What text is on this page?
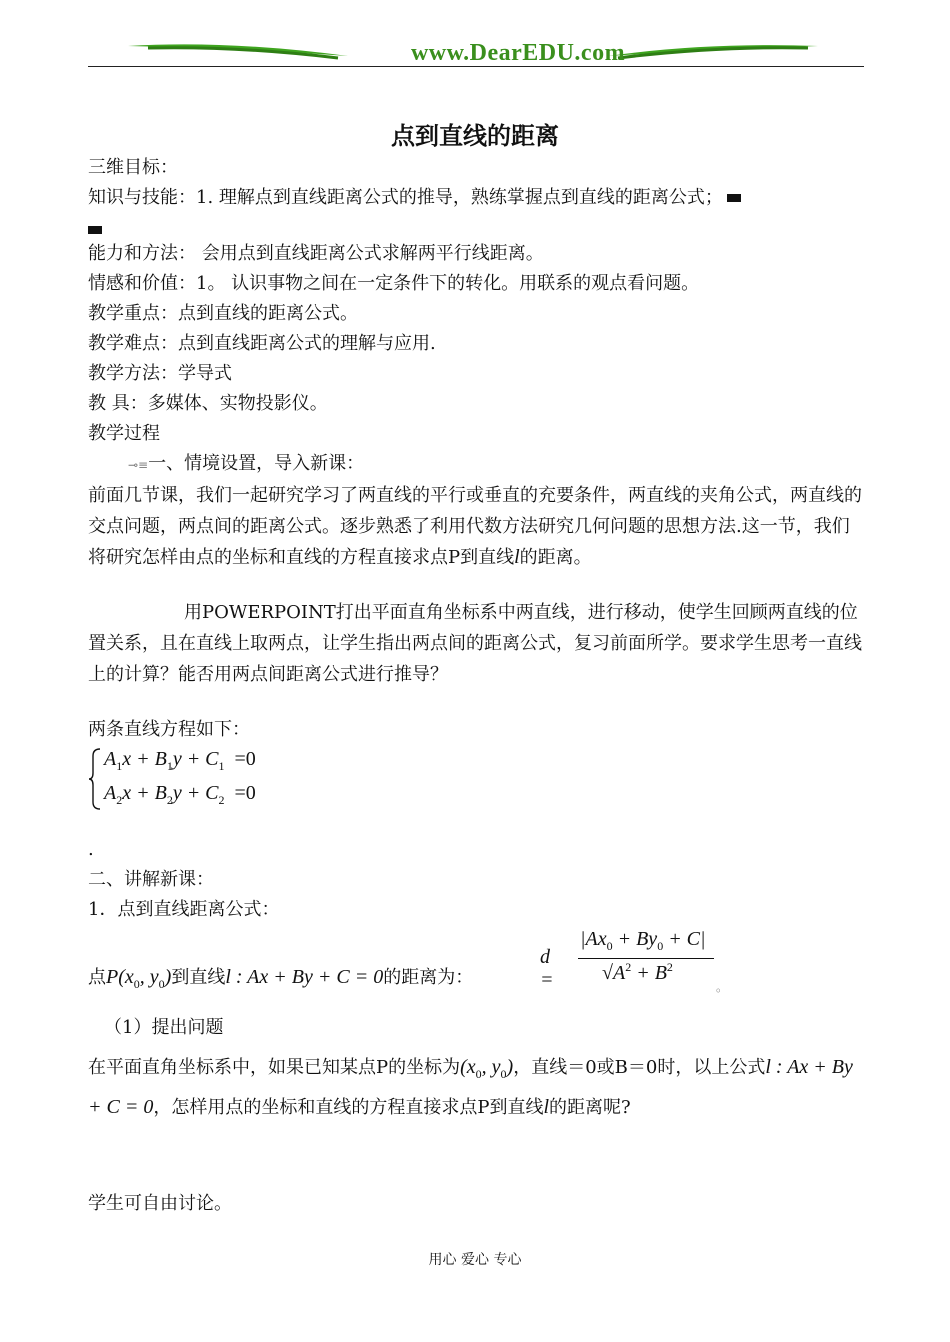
www.DearEDU.com
点到直线的距离
三维目标：
知识与技能：1. 理解点到直线距离公式的推导，熟练掌握点到直线的距离公式；
能力和方法： 会用点到直线距离公式求解两平行线距离。
情感和价值：1。 认识事物之间在一定条件下的转化。用联系的观点看问题。
教学重点：点到直线的距离公式。
教学难点：点到直线距离公式的理解与应用.
教学方法：学导式
教 具：多媒体、实物投影仪。
教学过程
⊸≡一、情境设置，导入新课：
前面几节课，我们一起研究学习了两直线的平行或垂直的充要条件，两直线的夹角公式，两直线的交点问题，两点间的距离公式。逐步熟悉了利用代数方法研究几何问题的思想方法.这一节，我们将研究怎样由点的坐标和直线的方程直接求点P到直线l的距离。
用POWERPOINT打出平面直角坐标系中两直线，进行移动，使学生回顾两直线的位置关系，且在直线上取两点，让学生指出两点间的距离公式，复习前面所学。要求学生思考一直线上的计算？能否用两点间距离公式进行推导？
两条直线方程如下：
$A_1x + B_1y + C_1 =0$
$A_2x + B_2y + C_2 =0$
.
二、讲解新课：
1．点到直线距离公式：
点$P(x_0$, $y_0$)到直线l : Ax + By + C = 0的距离为：
d =
$|Ax_0 + By_0 + C|$
$√A^2 + B^2$
。
（1）提出问题
在平面直角坐标系中，如果已知某点P的坐标为($x_0$, $y_0$)，直线＝0或B＝0时，以上公式l : Ax + By + C = 0，怎样用点的坐标和直线的方程直接求点P到直线l的距离呢?
学生可自由讨论。
用心 爱心 专心
